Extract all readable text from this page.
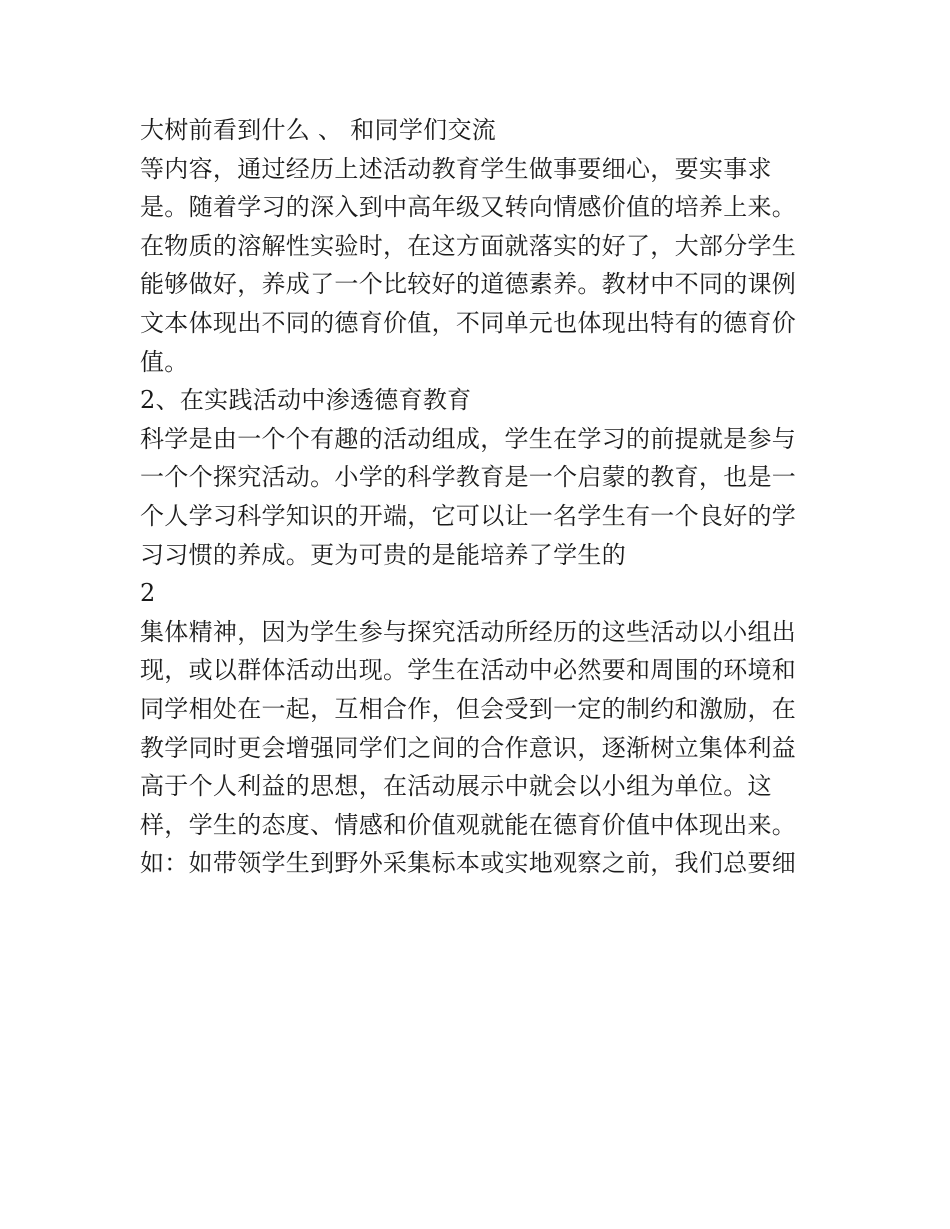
大树前看到什么 、 和同学们交流
等内容，通过经历上述活动教育学生做事要细心，要实事求
是。随着学习的深入到中高年级又转向情感价值的培养上来。
在物质的溶解性实验时，在这方面就落实的好了，大部分学生
能够做好，养成了一个比较好的道德素养。教材中不同的课例
文本体现出不同的德育价值，不同单元也体现出特有的德育价
值。
2、在实践活动中渗透德育教育
科学是由一个个有趣的活动组成，学生在学习的前提就是参与
一个个探究活动。小学的科学教育是一个启蒙的教育，也是一
个人学习科学知识的开端，它可以让一名学生有一个良好的学
习习惯的养成。更为可贵的是能培养了学生的
2
集体精神，因为学生参与探究活动所经历的这些活动以小组出
现，或以群体活动出现。学生在活动中必然要和周围的环境和
同学相处在一起，互相合作，但会受到一定的制约和激励，在
教学同时更会增强同学们之间的合作意识，逐渐树立集体利益
高于个人利益的思想，在活动展示中就会以小组为单位。这
样，学生的态度、情感和价值观就能在德育价值中体现出来。
如：如带领学生到野外采集标本或实地观察之前，我们总要细
